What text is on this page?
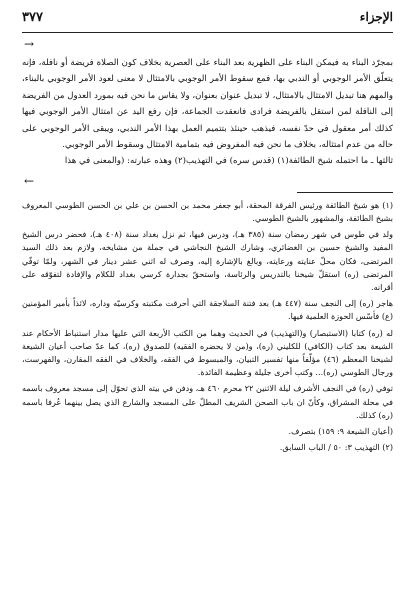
الإجزاء
٣٧٧
→

بمجرّد البناء به فيمكن البناء على الظهرية بعد البناء على العصرية بخلاف كون الصلاة فريضة أو نافلة، فإنه يتعلّق الأمر الوجوبي أو الندبي بها، فمع سقوط الأمر الوجوبي بالامتثال لا معنى لعود الأمر الوجوبي بالبناء، والمهم هنا تبديل الامتثال بالامتثال، لا تبديل عنوان بعنوان، ولا يقاس ما نحن فيه بمورد العدول من الفريضة إلى النافلة لمن استقل بالفريضة فرادى فانعقدت الجماعة، فإن رفع اليد عن امتثال الأمر الوجوبي فيها كذلك أمر معقول في حدّ نفسه، فيذهب حينئذ بتتميم العمل بهذا الأمر الندبي، ويبقى الأمر الوجوبي على حاله من عدم امتثاله، بخلاف ما نحن فيه المفروض فيه بتمامية الامتثال وسقوط الأمر الوجوبي.

ثالثها ـ ما احتمله شيخ الطائفة(١) (قدس سره) في التهذيب(٢) وهذه عبارته: (والمعنى في هذا

←

(١) هو شيخ الطائفة ورئيس الفرقة المحقة، أبو جعفر محمد بن الحسن بن علي بن الحسن الطوسي المعروف بشيخ الطائفة، والمشهور بالشيخ الطوسي.

ولد في طوس في شهر رمضان سنة (٣٨٥ هـ)، ودرس فيها، ثم نزل بغداد سنة (٤٠٨ هـ)، فحضر درس الشيخ المفيد والشيخ حسين بن الغضائري، وشارك الشيخ النجاشي في جملة من مشايخه، ولازم بعد ذلك السيد المرتضى، فكان محلّ عنايته ورعايته، وبالغ بالإشارة إليه، وصرف له اثني عشر دينار في الشهر، ولمّا توفّي المرتضى (ره) استقلّ شيخنا بالتدريس والرئاسة، واستحقّ بجدارة كرسي بغداد للكلام والإفادة لتفوّقه على أقرانه.

هاجر (ره) إلى النجف سنة (٤٤٧ هـ) بعد فتنة السلاجقة التي أحرقت مكتبته وكرسيّه وداره، لائذاً بأمير المؤمنين (ع) فأسّس الحوزة العلمية فيها.

له (ره) كتابا (الاستبصار) و(التهذيب) في الحديث وهما من الكتب الأربعة التي عليها مدار استنباط الأحكام عند الشيعة بعد كتاب (الكافي) للكليني (ره)، و(من لا يحضره الفقيه) للصدوق (ره)، كما عدّ صاحب أعيان الشيعة لشيخنا المعظم (٤٦) مؤلّفاً منها تفسير التبيان، والمبسوط في الفقه، والخلاف في الفقه المقارن، والفهرست، ورجال الطوسي (ره)... وكتب أخرى جليلة وعظيمة الفائدة.

توفي (ره) في النجف الأشرف ليلة الاثنين ٢٢ محرم ٤٦٠ هـ، ودفن في بيته الذي تحوّل إلى مسجد معروف باسمه في محلة المشراق، وكأنّ ان باب الصحن الشريف المطلّ على المسجد والشارع الذي يصل بينهما عُرفا باسمه (ره) كذلك.

(أعيان الشيعة ٩: ١٥٩) بتصرف.

(٢) التهذيب ٣: ٥٠ / الباب السابق.
